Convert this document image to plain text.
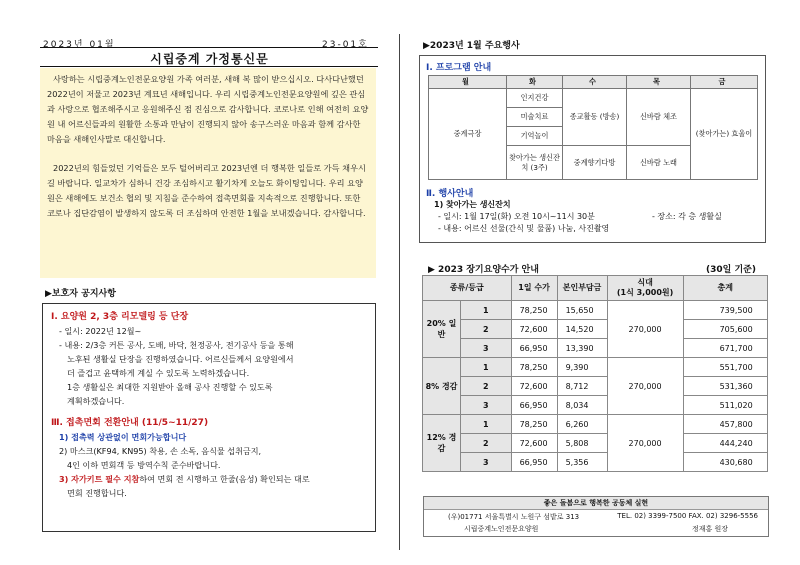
2023년 01월	23-01호
시립중계 가정통신문

사랑하는 시립중계노인전문요양원 가족 여러분, 새해 복 많이 받으십시오. 다사다난했던 2022년이 저물고 2023년 계묘년 새해입니다. 우리 시립중계노인전문요양원에 깊은 관심과 사랑으로 협조해주시고 응원해주신 점 진심으로 감사합니다. 코로나로 인해 여전히 요양원 내 어르신들과의 원활한 소통과 만남이 진행되지 않아 송구스러운 마음과 함께 감사한 마음을 새해인사말로 대신합니다.

2022년의 힘들었던 기억들은 모두 털어버리고 2023년엔 더 행복한 일들로 가득 채우시길 바랍니다. 일교차가 심하니 건강 조심하시고 활기차게 오늘도 화이팅입니다. 우리 요양원은 새해에도 보건소 협의 및 지침을 준수하여 접촉면회를 지속적으로 진행합니다. 또한 코로나 집단감염이 발생하지 않도록 더 조심하며 안전한 1월을 보내겠습니다. 감사합니다.

▶보호자 공지사항
Ⅰ. 요양원 2, 3층 리모델링 등 단장
- 일시: 2022년 12월~
- 내용: 2/3층 커튼 공사, 도배, 바닥, 천정공사, 전기공사 등을 통해
노후된 생활실 단장을 진행하였습니다. 어르신들께서 요양원에서
더 즐겁고 윤택하게 계실 수 있도록 노력하겠습니다.
1층 생활실은 최대한 지원받아 올해 공사 진행할 수 있도록
계획하겠습니다.
Ⅲ. 접촉면회 전환안내 (11/5~11/27)
1) 접촉력 상관없이 면회가능합니다
2) 마스크(KF94, KN95) 착용, 손 소독, 음식물 섭취금지,
4인 이하 면회객 등 방역수칙 준수바랍니다.
3) 자가키트 필수 지참하여 면회 전 시행하고 한줄(음성) 확인되는 대로
면회 진행합니다.
▶2023년 1월 주요행사
Ⅰ. 프로그램 안내
월	화	수	목	금
중계극장	인지건강	종교활동 (방송)	신바람 체조	(찾아가는) 효울이
	미술치료			
	기억놀이			
	찾아가는 생신잔치 (3주)	중계향기다방	신바람 노래	
Ⅱ. 행사안내
1) 찾아가는 생신잔치
- 일시: 1월 17일(화) 오전 10시~11시 30분	- 장소: 각 층 생활실
- 내용: 어르신 선물(간식 및 물품) 나눔, 사진촬영
▶ 2023 장기요양수가 안내	(30일 기준)
종류/등급		1일 수가	본인부담금	식대
(1식 3,000원)	총계
20% 일반	1	78,250	15,650	270,000	739,500
	2	72,600	14,520		705,600
	3	66,950	13,390		671,700
8% 경감	1	78,250	9,390	270,000	551,700
	2	72,600	8,712		531,360
	3	66,950	8,034		511,020
12% 경감	1	78,250	6,260	270,000	457,800
	2	72,600	5,808		444,240
	3	66,950	5,356		430,680
좋은 돌봄으로 행복한 공동체 실현
(우)01771 서울특별시 노원구 섬밭로 313	TEL. 02) 3399-7500 FAX. 02) 3296-5556
시립중계노인전문요양원	정재홍 원장
